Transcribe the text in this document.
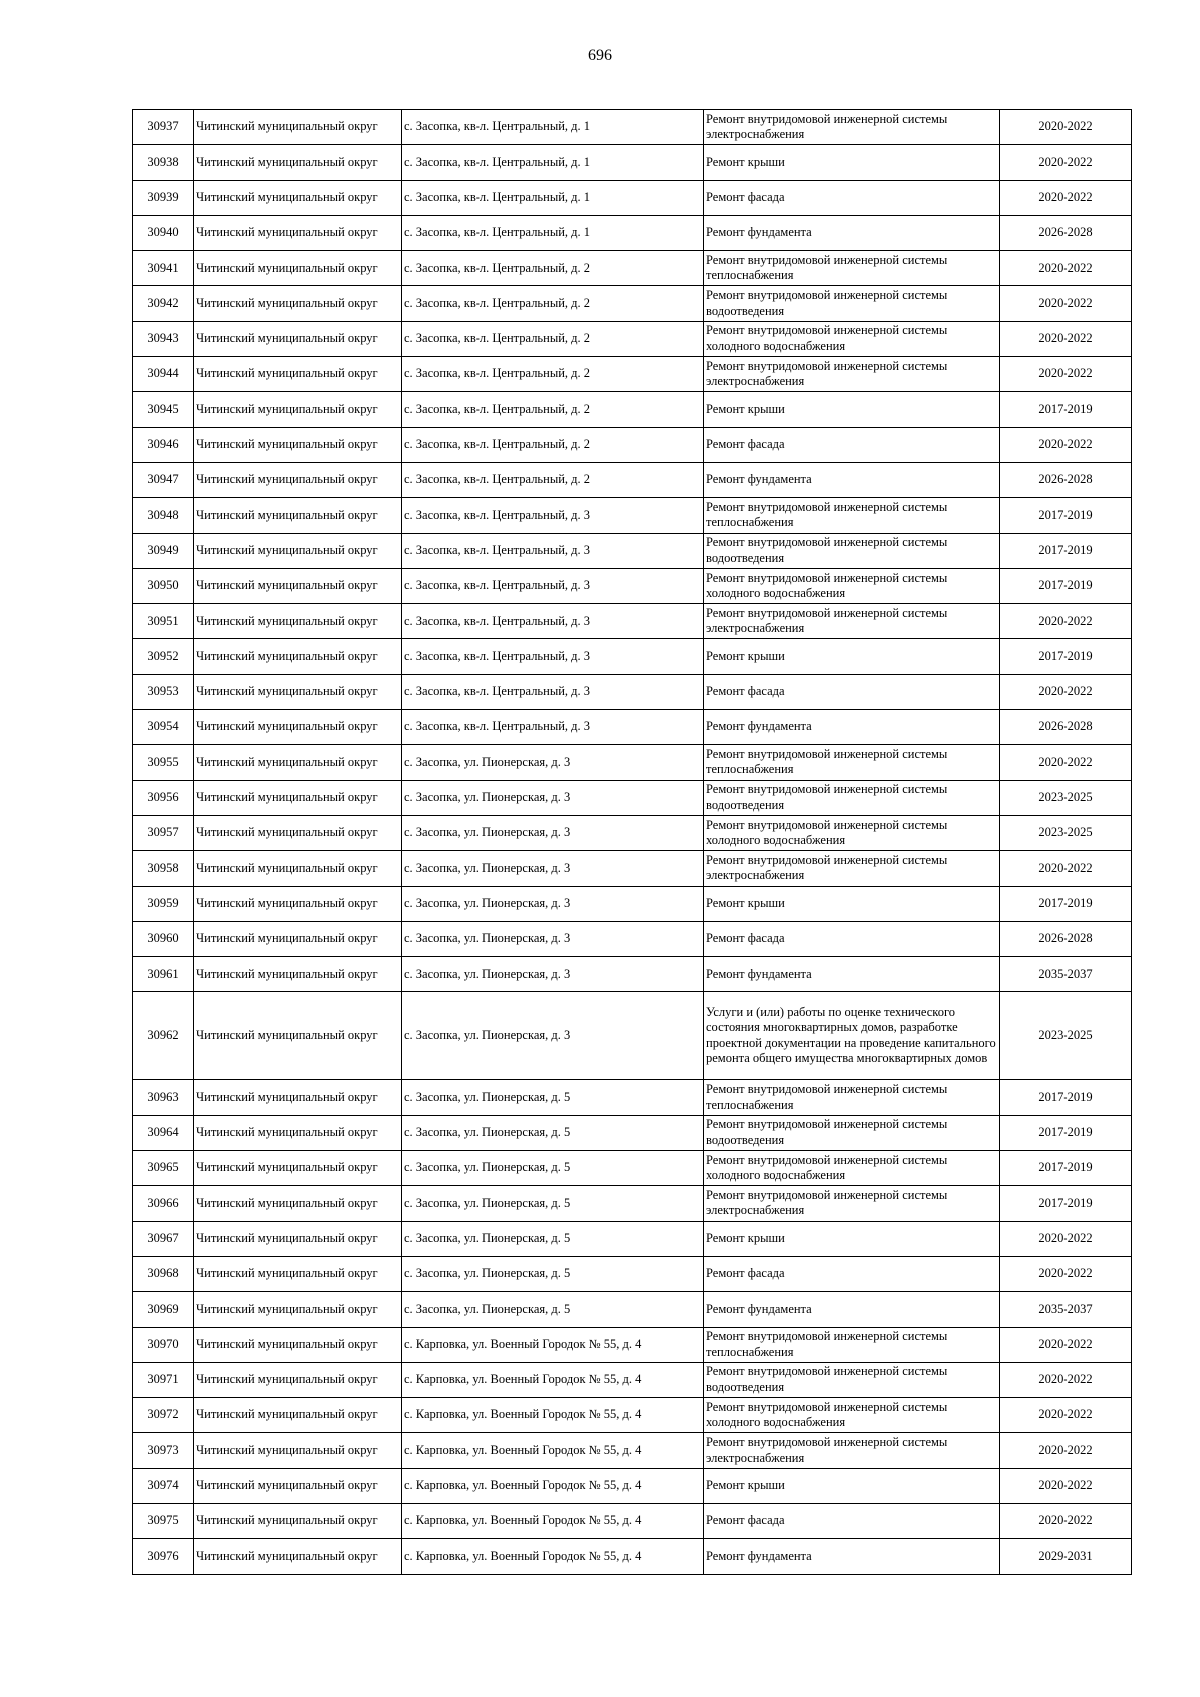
696
30937	Читинский муниципальный округ	с. Засопка, кв-л. Центральный, д. 1	Ремонт внутридомовой инженерной системы электроснабжения	2020-2022
30938	Читинский муниципальный округ	с. Засопка, кв-л. Центральный, д. 1	Ремонт крыши	2020-2022
30939	Читинский муниципальный округ	с. Засопка, кв-л. Центральный, д. 1	Ремонт фасада	2020-2022
30940	Читинский муниципальный округ	с. Засопка, кв-л. Центральный, д. 1	Ремонт фундамента	2026-2028
30941	Читинский муниципальный округ	с. Засопка, кв-л. Центральный, д. 2	Ремонт внутридомовой инженерной системы теплоснабжения	2020-2022
30942	Читинский муниципальный округ	с. Засопка, кв-л. Центральный, д. 2	Ремонт внутридомовой инженерной системы водоотведения	2020-2022
30943	Читинский муниципальный округ	с. Засопка, кв-л. Центральный, д. 2	Ремонт внутридомовой инженерной системы холодного водоснабжения	2020-2022
30944	Читинский муниципальный округ	с. Засопка, кв-л. Центральный, д. 2	Ремонт внутридомовой инженерной системы электроснабжения	2020-2022
30945	Читинский муниципальный округ	с. Засопка, кв-л. Центральный, д. 2	Ремонт крыши	2017-2019
30946	Читинский муниципальный округ	с. Засопка, кв-л. Центральный, д. 2	Ремонт фасада	2020-2022
30947	Читинский муниципальный округ	с. Засопка, кв-л. Центральный, д. 2	Ремонт фундамента	2026-2028
30948	Читинский муниципальный округ	с. Засопка, кв-л. Центральный, д. 3	Ремонт внутридомовой инженерной системы теплоснабжения	2017-2019
30949	Читинский муниципальный округ	с. Засопка, кв-л. Центральный, д. 3	Ремонт внутридомовой инженерной системы водоотведения	2017-2019
30950	Читинский муниципальный округ	с. Засопка, кв-л. Центральный, д. 3	Ремонт внутридомовой инженерной системы холодного водоснабжения	2017-2019
30951	Читинский муниципальный округ	с. Засопка, кв-л. Центральный, д. 3	Ремонт внутридомовой инженерной системы электроснабжения	2020-2022
30952	Читинский муниципальный округ	с. Засопка, кв-л. Центральный, д. 3	Ремонт крыши	2017-2019
30953	Читинский муниципальный округ	с. Засопка, кв-л. Центральный, д. 3	Ремонт фасада	2020-2022
30954	Читинский муниципальный округ	с. Засопка, кв-л. Центральный, д. 3	Ремонт фундамента	2026-2028
30955	Читинский муниципальный округ	с. Засопка, ул. Пионерская, д. 3	Ремонт внутридомовой инженерной системы теплоснабжения	2020-2022
30956	Читинский муниципальный округ	с. Засопка, ул. Пионерская, д. 3	Ремонт внутридомовой инженерной системы водоотведения	2023-2025
30957	Читинский муниципальный округ	с. Засопка, ул. Пионерская, д. 3	Ремонт внутридомовой инженерной системы холодного водоснабжения	2023-2025
30958	Читинский муниципальный округ	с. Засопка, ул. Пионерская, д. 3	Ремонт внутридомовой инженерной системы электроснабжения	2020-2022
30959	Читинский муниципальный округ	с. Засопка, ул. Пионерская, д. 3	Ремонт крыши	2017-2019
30960	Читинский муниципальный округ	с. Засопка, ул. Пионерская, д. 3	Ремонт фасада	2026-2028
30961	Читинский муниципальный округ	с. Засопка, ул. Пионерская, д. 3	Ремонт фундамента	2035-2037
30962	Читинский муниципальный округ	с. Засопка, ул. Пионерская, д. 3	Услуги и (или) работы по оценке технического состояния многоквартирных домов, разработке проектной документации на проведение капитального ремонта общего имущества многоквартирных домов	2023-2025
30963	Читинский муниципальный округ	с. Засопка, ул. Пионерская, д. 5	Ремонт внутридомовой инженерной системы теплоснабжения	2017-2019
30964	Читинский муниципальный округ	с. Засопка, ул. Пионерская, д. 5	Ремонт внутридомовой инженерной системы водоотведения	2017-2019
30965	Читинский муниципальный округ	с. Засопка, ул. Пионерская, д. 5	Ремонт внутридомовой инженерной системы холодного водоснабжения	2017-2019
30966	Читинский муниципальный округ	с. Засопка, ул. Пионерская, д. 5	Ремонт внутридомовой инженерной системы электроснабжения	2017-2019
30967	Читинский муниципальный округ	с. Засопка, ул. Пионерская, д. 5	Ремонт крыши	2020-2022
30968	Читинский муниципальный округ	с. Засопка, ул. Пионерская, д. 5	Ремонт фасада	2020-2022
30969	Читинский муниципальный округ	с. Засопка, ул. Пионерская, д. 5	Ремонт фундамента	2035-2037
30970	Читинский муниципальный округ	с. Карповка, ул. Военный Городок № 55, д. 4	Ремонт внутридомовой инженерной системы теплоснабжения	2020-2022
30971	Читинский муниципальный округ	с. Карповка, ул. Военный Городок № 55, д. 4	Ремонт внутридомовой инженерной системы водоотведения	2020-2022
30972	Читинский муниципальный округ	с. Карповка, ул. Военный Городок № 55, д. 4	Ремонт внутридомовой инженерной системы холодного водоснабжения	2020-2022
30973	Читинский муниципальный округ	с. Карповка, ул. Военный Городок № 55, д. 4	Ремонт внутридомовой инженерной системы электроснабжения	2020-2022
30974	Читинский муниципальный округ	с. Карповка, ул. Военный Городок № 55, д. 4	Ремонт крыши	2020-2022
30975	Читинский муниципальный округ	с. Карповка, ул. Военный Городок № 55, д. 4	Ремонт фасада	2020-2022
30976	Читинский муниципальный округ	с. Карповка, ул. Военный Городок № 55, д. 4	Ремонт фундамента	2029-2031
